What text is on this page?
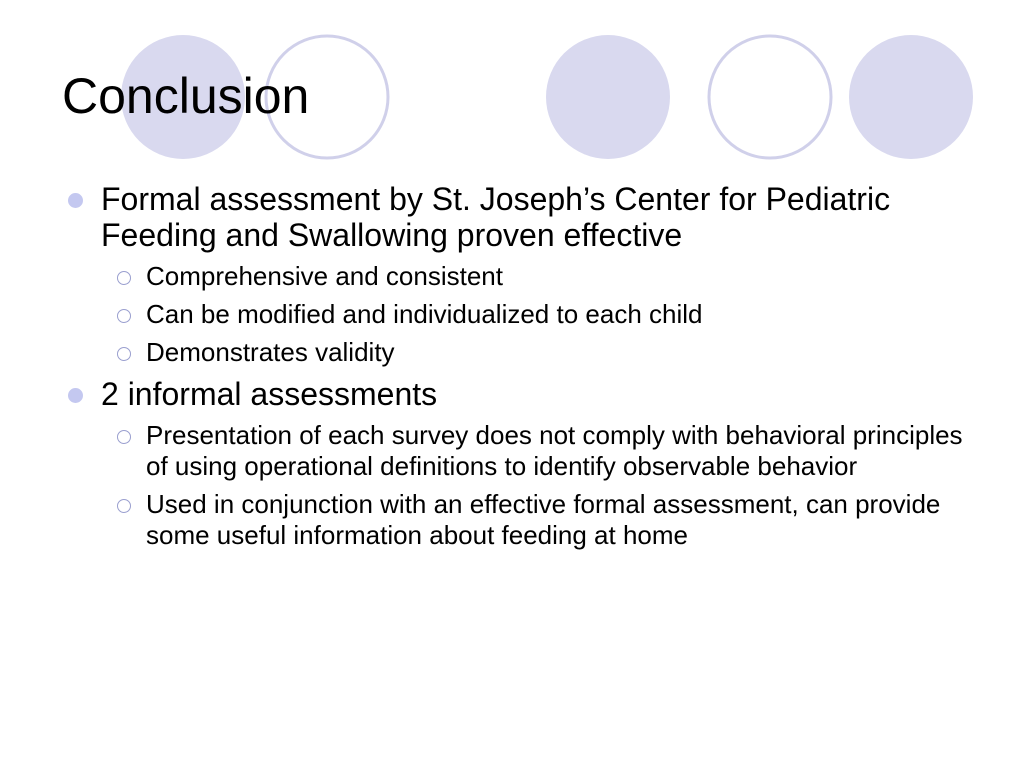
Conclusion
Formal assessment by St. Joseph’s Center for Pediatric Feeding and Swallowing proven effective
Comprehensive and consistent
Can be modified and individualized to each child
Demonstrates validity
2 informal assessments
Presentation of each survey does not comply with behavioral principles of using operational definitions to identify observable behavior
Used in conjunction with an effective formal assessment, can provide some useful information about feeding at home
